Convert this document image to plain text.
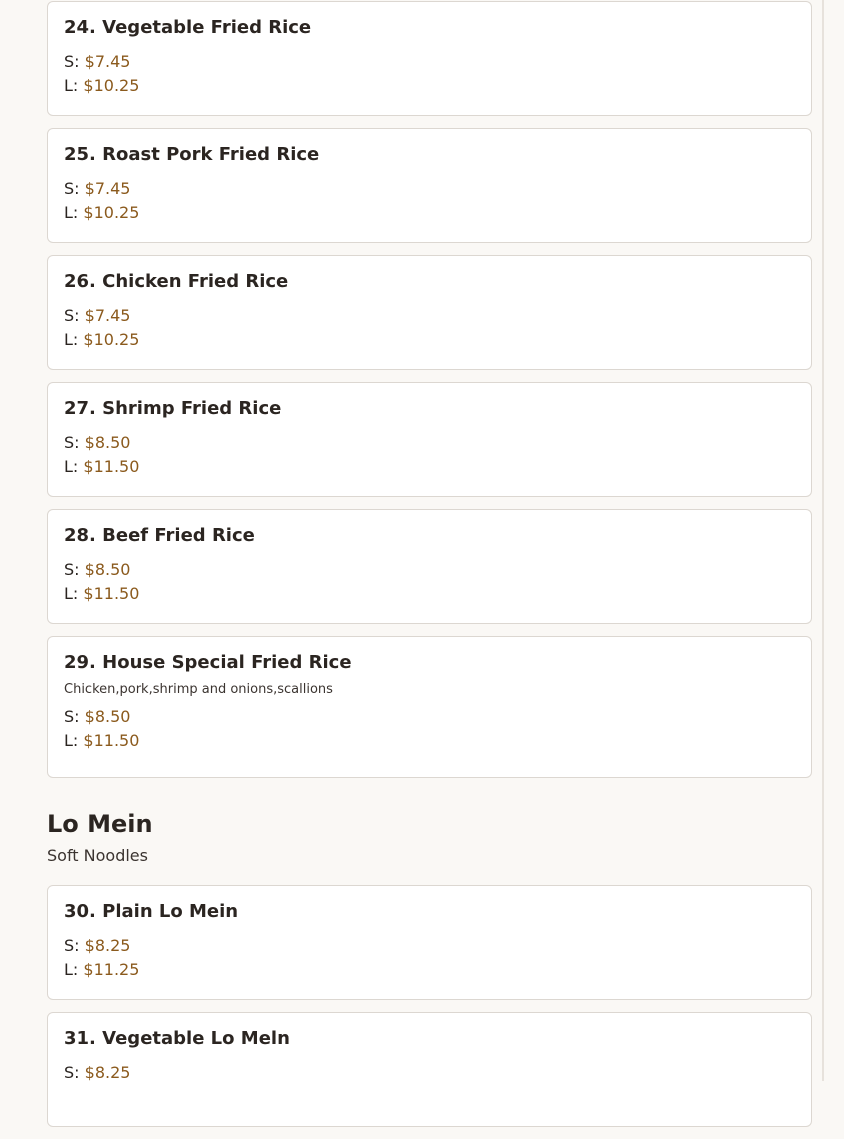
24. Vegetable Fried Rice
S: $7.45
L: $10.25
25. Roast Pork Fried Rice
S: $7.45
L: $10.25
26. Chicken Fried Rice
S: $7.45
L: $10.25
27. Shrimp Fried Rice
S: $8.50
L: $11.50
28. Beef Fried Rice
S: $8.50
L: $11.50
29. House Special Fried Rice
Chicken,pork,shrimp and onions,scallions
S: $8.50
L: $11.50
Lo Mein
Soft Noodles
30. Plain Lo Mein
S: $8.25
L: $11.25
31. Vegetable Lo Meln
S: $8.25
